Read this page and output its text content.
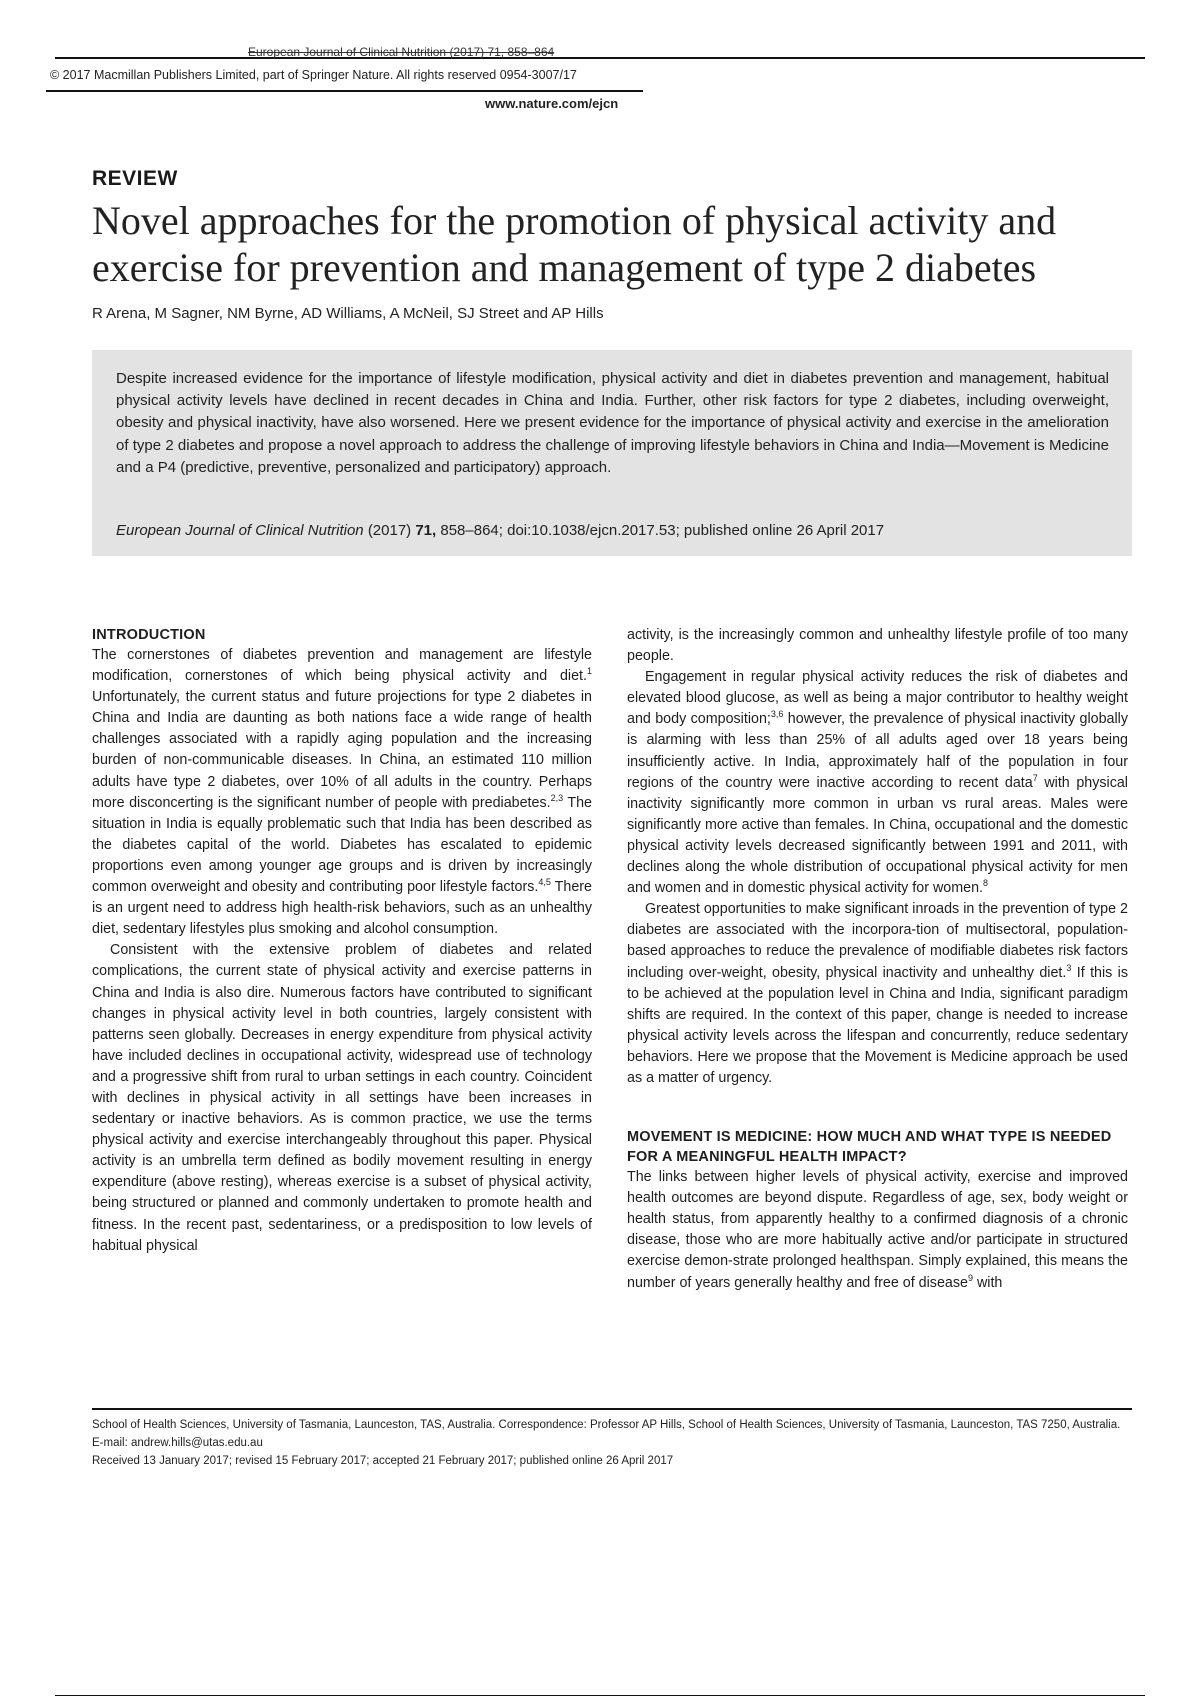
European Journal of Clinical Nutrition (2017) 71, 858–864
© 2017 Macmillan Publishers Limited, part of Springer Nature. All rights reserved 0954-3007/17
www.nature.com/ejcn
REVIEW
Novel approaches for the promotion of physical activity and exercise for prevention and management of type 2 diabetes
R Arena, M Sagner, NM Byrne, AD Williams, A McNeil, SJ Street and AP Hills

Despite increased evidence for the importance of lifestyle modification, physical activity and diet in diabetes prevention and management, habitual physical activity levels have declined in recent decades in China and India. Further, other risk factors for type 2 diabetes, including overweight, obesity and physical inactivity, have also worsened. Here we present evidence for the importance of physical activity and exercise in the amelioration of type 2 diabetes and propose a novel approach to address the challenge of improving lifestyle behaviors in China and India—Movement is Medicine and a P4 (predictive, preventive, personalized and participatory) approach.

European Journal of Clinical Nutrition (2017) 71, 858–864; doi:10.1038/ejcn.2017.53; published online 26 April 2017

INTRODUCTION

The cornerstones of diabetes prevention and management are lifestyle modification, cornerstones of which being physical activity and diet.$^1$ Unfortunately, the current status and future projections for type 2 diabetes in China and India are daunting as both nations face a wide range of health challenges associated with a rapidly aging population and the increasing burden of non-communicable diseases. In China, an estimated 110 million adults have type 2 diabetes, over 10% of all adults in the country. Perhaps more disconcerting is the significant number of people with prediabetes.$^{2,3}$ The situation in India is equally problematic such that India has been described as the diabetes capital of the world. Diabetes has escalated to epidemic proportions even among younger age groups and is driven by increasingly common overweight and obesity and contributing poor lifestyle factors.$^{4,5}$ There is an urgent need to address high health-risk behaviors, such as an unhealthy diet, sedentary lifestyles plus smoking and alcohol consumption.

Consistent with the extensive problem of diabetes and related complications, the current state of physical activity and exercise patterns in China and India is also dire. Numerous factors have contributed to significant changes in physical activity level in both countries, largely consistent with patterns seen globally. Decreases in energy expenditure from physical activity have included declines in occupational activity, widespread use of technology and a progressive shift from rural to urban settings in each country. Coincident with declines in physical activity in all settings have been increases in sedentary or inactive behaviors. As is common practice, we use the terms physical activity and exercise interchangeably throughout this paper. Physical activity is an umbrella term defined as bodily movement resulting in energy expenditure (above resting), whereas exercise is a subset of physical activity, being structured or planned and commonly undertaken to promote health and fitness. In the recent past, sedentariness, or a predisposition to low levels of habitual physical

activity, is the increasingly common and unhealthy lifestyle profile of too many people.

Engagement in regular physical activity reduces the risk of diabetes and elevated blood glucose, as well as being a major contributor to healthy weight and body composition;$^{3,6}$ however, the prevalence of physical inactivity globally is alarming with less than 25% of all adults aged over 18 years being insufficiently active. In India, approximately half of the population in four regions of the country were inactive according to recent data$^7$ with physical inactivity significantly more common in urban vs rural areas. Males were significantly more active than females. In China, occupational and the domestic physical activity levels decreased significantly between 1991 and 2011, with declines along the whole distribution of occupational physical activity for men and women and in domestic physical activity for women.$^8$

Greatest opportunities to make significant inroads in the prevention of type 2 diabetes are associated with the incorpora-tion of multisectoral, population-based approaches to reduce the prevalence of modifiable diabetes risk factors including over-weight, obesity, physical inactivity and unhealthy diet.$^3$ If this is to be achieved at the population level in China and India, significant paradigm shifts are required. In the context of this paper, change is needed to increase physical activity levels across the lifespan and concurrently, reduce sedentary behaviors. Here we propose that the Movement is Medicine approach be used as a matter of urgency.

MOVEMENT IS MEDICINE: HOW MUCH AND WHAT TYPE IS NEEDED FOR A MEANINGFUL HEALTH IMPACT?

The links between higher levels of physical activity, exercise and improved health outcomes are beyond dispute. Regardless of age, sex, body weight or health status, from apparently healthy to a confirmed diagnosis of a chronic disease, those who are more habitually active and/or participate in structured exercise demon-strate prolonged healthspan. Simply explained, this means the number of years generally healthy and free of disease$^9$ with

School of Health Sciences, University of Tasmania, Launceston, TAS, Australia. Correspondence: Professor AP Hills, School of Health Sciences, University of Tasmania, Launceston, TAS 7250, Australia.

E-mail: andrew.hills@utas.edu.au

Received 13 January 2017; revised 15 February 2017; accepted 21 February 2017; published online 26 April 2017
